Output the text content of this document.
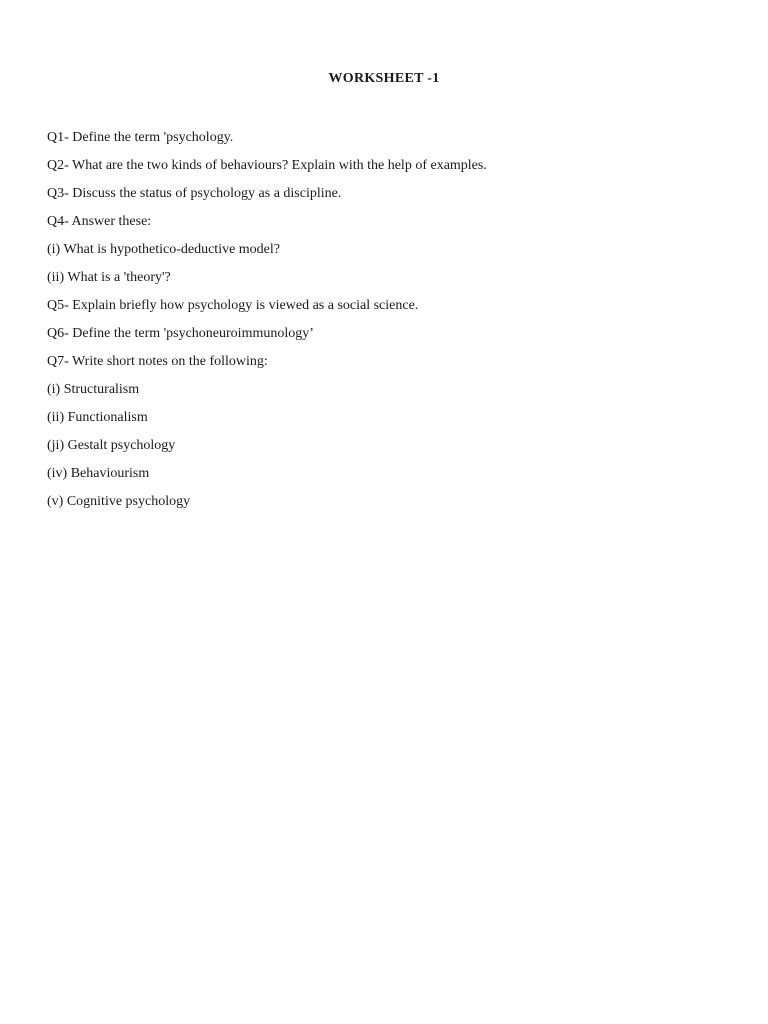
WORKSHEET -1
Q1- Define the term 'psychology.
Q2- What are the two kinds of behaviours? Explain with the help of examples.
Q3- Discuss the status of psychology as a discipline.
Q4- Answer these:
(i) What is hypothetico-deductive model?
(ii) What is a 'theory'?
Q5- Explain briefly how psychology is viewed as a social science.
Q6- Define the term 'psychoneuroimmunology’
Q7- Write short notes on the following:
(i) Structuralism
(ii) Functionalism
(ji) Gestalt psychology
(iv) Behaviourism
(v) Cognitive psychology
